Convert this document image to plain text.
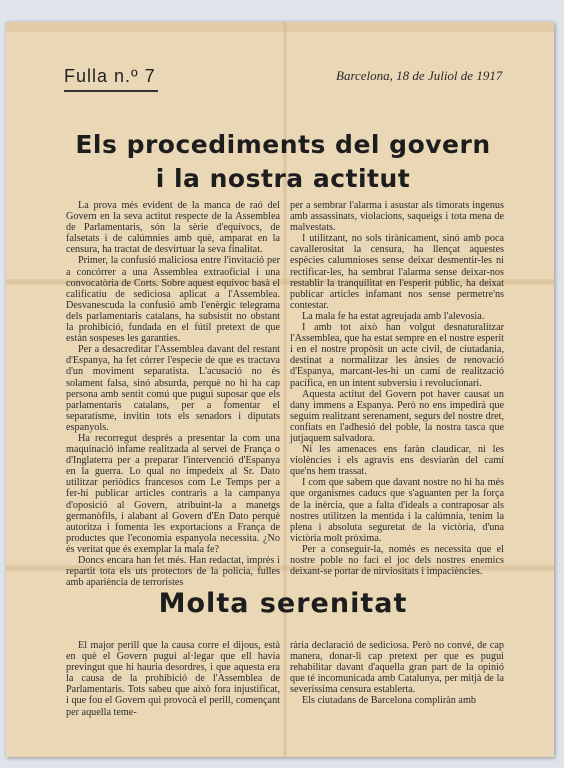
Fulla n.º 7	Barcelona, 18 de Juliol de 1917
Els procediments del govern
i la nostra actitut

La prova més evident de la manca de raó del Govern en la seva actitut respecte de la Assemblea de Parlamentaris, són la sèrie d'equívocs, de falsetats i de calúmnies amb què, amparat en la censura, ha tractat de desvirtuar la seva finalitat.

Primer, la confusió maliciosa entre l'invitació per a concórrer a una Assemblea extraoficial i una convocatòria de Corts. Sobre aquest equívoc basà el calificatiu de sediciosa aplicat a l'Assemblea. Desvanescuda la confusió amb l'enèrgic telegrama dels parlamentaris catalans, ha subsistit no obstant la prohibició, fundada en el fútil pretext de que estàn sospeses les garanties.

Per a desacreditar l'Assemblea davant del restant d'Espanya, ha fet córrer l'especie de que es tractava d'un moviment separatista. L'acusació no és solament falsa, sinó absurda, perquè no hi ha cap persona amb sentit comú que pugui suposar que els parlamentaris catalans, per a fomentar el separatisme, invitin tots els senadors i diputats espanyols.

Ha recorregut després a presentar la com una maquinació infame realitzada al servei de França o d'Inglaterra per a preparar l'intervenció d'Espanya en la guerra. Lo qual no impedeix al Sr. Dato utilitzar periòdics francesos com Le Temps per a fer-hi publicar articles contraris a la campanya d'oposició al Govern, atribuint-la a manetgs germanòfils, i alabant al Govern d'En Dato perquè autoritza i fomenta les exportacions a França de productes que l'economia espanyola necessita. ¿No és veritat que és exemplar la mala fe?

Doncs encara han fet més. Han redactat, imprès i repartit tota els uts protectors de la policia, fulles amb apariència de terroristes

per a sembrar l'alarma i asustar als timorats ingenus amb assassinats, violacions, saqueigs i tota mena de malvestats.

I utilitzant, no sols tirànicament, sinó amb poca cavallerositat la censura, ha llençat aquestes espècies calumnioses sense deixar desmentir-les ni rectificar-les, ha sembrat l'alarma sense deixar-nos restablir la tranquilitat en l'esperit públic, ha deixat publicar articles infamant nos sense permetre'ns contestar.

La mala fe ha estat agreujada amb l'alevosia.

I amb tot això han volgut desnaturalitzar l'Assemblea, que ha estat sempre en el nostre esperit i en el nostre propòsit un acte civil, de ciutadania, destinat a normalitzar les ànsies de renovació d'Espanya, marcant-les-hi un camí de realització pacífica, en un intent subversiu i revolucionari.

Aquesta actitut del Govern pot haver causat un dany immens a Espanya. Però no ens impedirà que seguim realitzant serenament, segurs del nostre dret, confiats en l'adhesió del poble, la nostra tasca que jutjaquem salvadora.

Ni les amenaces ens faràn claudicar, ni les violències i els agravis ens desviaràn del camí que'ns hem trassat.

I com que sabem que davant nostre no hi ha més que organismes caducs que s'aguanten per la força de la inèrcia, que a falta d'ideals a contraposar als nostres utilitzen la mentida i la calúmnia, tenim la plena i absoluta seguretat de la victòria, d'una victòria molt pròxima.

Per a conseguir-la, només es necessita que el nostre poble no faci el joc dels nostres enemics deixant-se portar de nirviositats i impaciències.

Molta serenitat

El major perill que la causa corre el dijous, està en què el Govern pugui al·legar que ell havia previngut que hi hauria desordres, i que aquesta era la causa de la prohibició de l'Assemblea de Parlamentaris. Tots sabeu que això fora injustificat, i que fou el Govern qui provocà el perill, començant per aquella teme-

rària declaració de sediciosa. Però no convé, de cap manera, donar-li cap pretext per que es pugui rehabilitar davant d'aquella gran part de la opinió que té incomunicada amb Catalunya, per mitjà de la severíssima censura establerta.

Els ciutadans de Barcelona compliràn amb
